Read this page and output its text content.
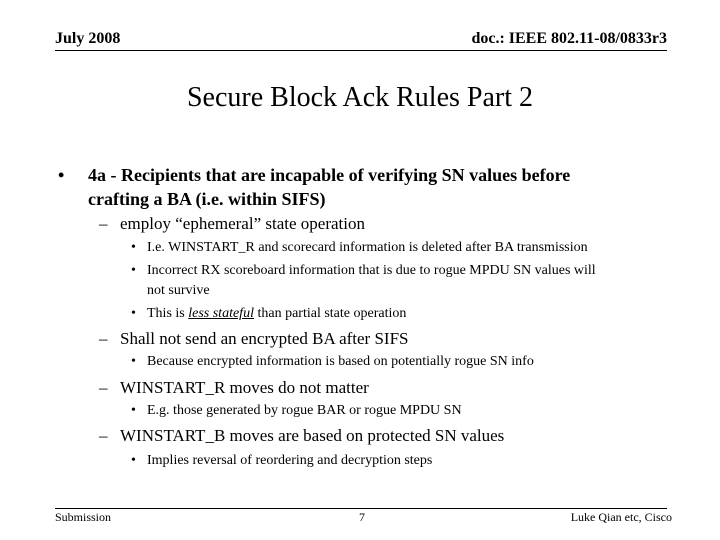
July 2008	doc.: IEEE 802.11-08/0833r3
Secure Block Ack Rules Part 2
• 4a - Recipients that are incapable of verifying SN values before
crafting a BA (i.e. within SIFS)
– employ “ephemeral” state operation
• I.e. WINSTART_R and scorecard information is deleted after BA transmission
• Incorrect RX scoreboard information that is due to rogue MPDU SN values will
not survive
• This is less stateful than partial state operation
– Shall not send an encrypted BA after SIFS
• Because encrypted information is based on potentially rogue SN info
– WINSTART_R moves do not matter
• E.g. those generated by rogue BAR or rogue MPDU SN
– WINSTART_B moves are based on protected SN values
• Implies reversal of reordering and decryption steps
Submission	7	Luke Qian etc, Cisco
